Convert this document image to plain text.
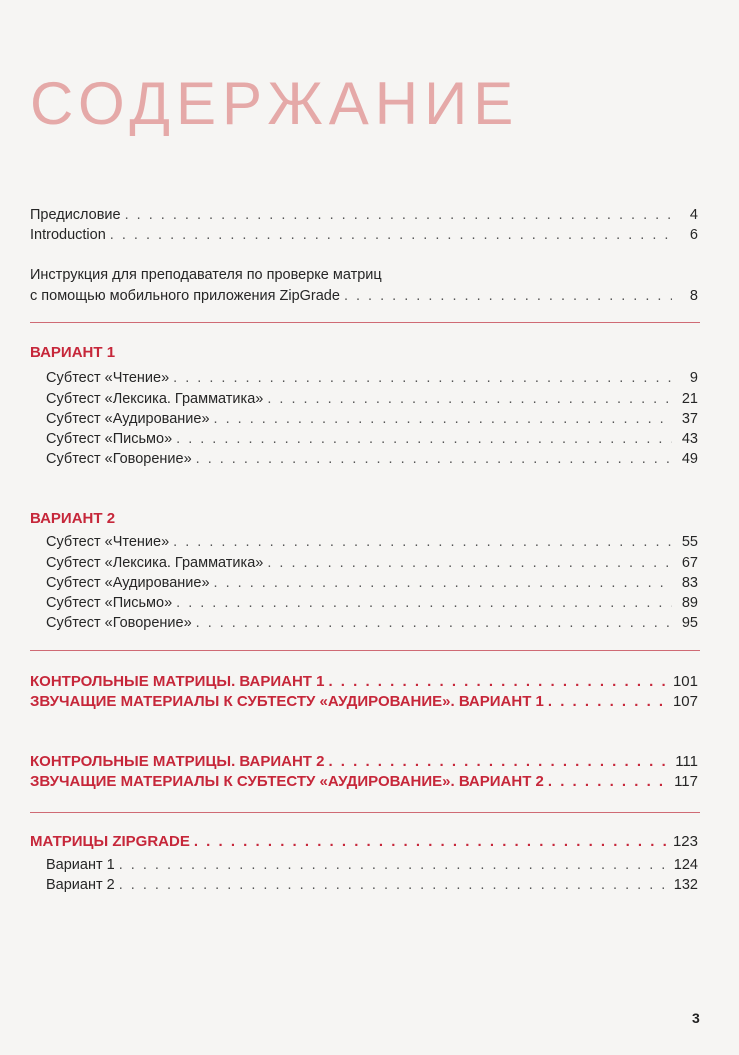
СОДЕРЖАНИЕ
Предисловие . . .	4
Introduction . . .	6
Инструкция для преподавателя по проверке матриц
с помощью мобильного приложения ZipGrade . . .	8
ВАРИАНТ 1
Субтест «Чтение» . . .	9
Субтест «Лексика. Грамматика» . . .	21
Субтест «Аудирование» . . .	37
Субтест «Письмо» . . .	43
Субтест «Говорение» . . .	49
ВАРИАНТ 2
Субтест «Чтение» . . .	55
Субтест «Лексика. Грамматика» . . .	67
Субтест «Аудирование» . . .	83
Субтест «Письмо» . . .	89
Субтест «Говорение» . . .	95
КОНТРОЛЬНЫЕ МАТРИЦЫ. ВАРИАНТ 1 . . .	101
ЗВУЧАЩИЕ МАТЕРИАЛЫ К СУБТЕСТУ «АУДИРОВАНИЕ». ВАРИАНТ 1 . . .	107
КОНТРОЛЬНЫЕ МАТРИЦЫ. ВАРИАНТ 2 . . .	111
ЗВУЧАЩИЕ МАТЕРИАЛЫ К СУБТЕСТУ «АУДИРОВАНИЕ». ВАРИАНТ 2 . . .	117
МАТРИЦЫ ZIPGRADE . . .	123
Вариант 1 . . .	124
Вариант 2 . . .	132
3
